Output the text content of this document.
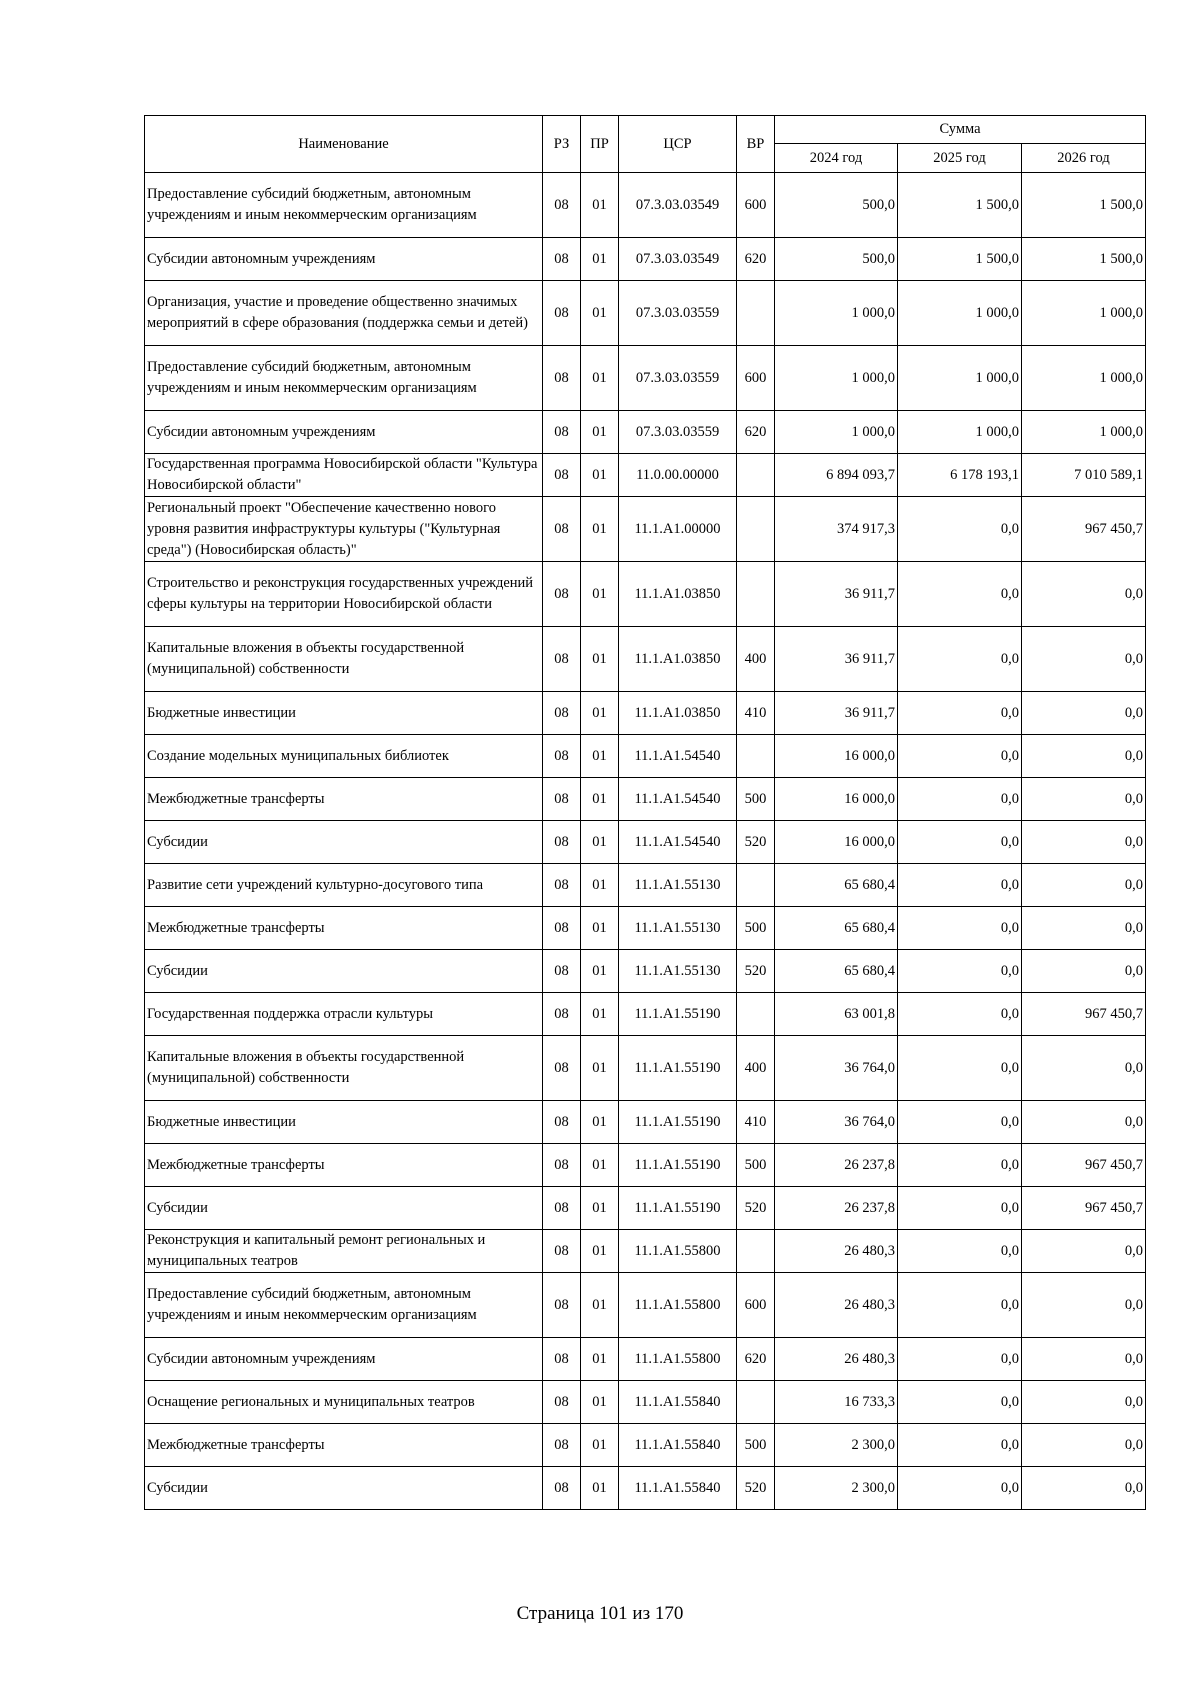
Наименование	РЗ	ПР	ЦСР	ВР	Сумма		
					2024 год	2025 год	2026 год
Предоставление субсидий бюджетным, автономным учреждениям и иным некоммерческим организациям	08	01	07.3.03.03549	600	500,0	1 500,0	1 500,0
Субсидии автономным учреждениям	08	01	07.3.03.03549	620	500,0	1 500,0	1 500,0
Организация, участие и проведение общественно значимых мероприятий в сфере образования (поддержка семьи и детей)	08	01	07.3.03.03559		1 000,0	1 000,0	1 000,0
Предоставление субсидий бюджетным, автономным учреждениям и иным некоммерческим организациям	08	01	07.3.03.03559	600	1 000,0	1 000,0	1 000,0
Субсидии автономным учреждениям	08	01	07.3.03.03559	620	1 000,0	1 000,0	1 000,0
Государственная программа Новосибирской области "Культура Новосибирской области"	08	01	11.0.00.00000		6 894 093,7	6 178 193,1	7 010 589,1
Региональный проект "Обеспечение качественно нового уровня развития инфраструктуры культуры ("Культурная среда") (Новосибирская область)"	08	01	11.1.А1.00000		374 917,3	0,0	967 450,7
Строительство и реконструкция государственных учреждений сферы культуры на территории Новосибирской области	08	01	11.1.А1.03850		36 911,7	0,0	0,0
Капитальные вложения в объекты государственной (муниципальной) собственности	08	01	11.1.А1.03850	400	36 911,7	0,0	0,0
Бюджетные инвестиции	08	01	11.1.А1.03850	410	36 911,7	0,0	0,0
Создание модельных муниципальных библиотек	08	01	11.1.А1.54540		16 000,0	0,0	0,0
Межбюджетные трансферты	08	01	11.1.А1.54540	500	16 000,0	0,0	0,0
Субсидии	08	01	11.1.А1.54540	520	16 000,0	0,0	0,0
Развитие сети учреждений культурно-досугового типа	08	01	11.1.А1.55130		65 680,4	0,0	0,0
Межбюджетные трансферты	08	01	11.1.А1.55130	500	65 680,4	0,0	0,0
Субсидии	08	01	11.1.А1.55130	520	65 680,4	0,0	0,0
Государственная поддержка отрасли культуры	08	01	11.1.А1.55190		63 001,8	0,0	967 450,7
Капитальные вложения в объекты государственной (муниципальной) собственности	08	01	11.1.А1.55190	400	36 764,0	0,0	0,0
Бюджетные инвестиции	08	01	11.1.А1.55190	410	36 764,0	0,0	0,0
Межбюджетные трансферты	08	01	11.1.А1.55190	500	26 237,8	0,0	967 450,7
Субсидии	08	01	11.1.А1.55190	520	26 237,8	0,0	967 450,7
Реконструкция и капитальный ремонт региональных и муниципальных театров	08	01	11.1.А1.55800		26 480,3	0,0	0,0
Предоставление субсидий бюджетным, автономным учреждениям и иным некоммерческим организациям	08	01	11.1.А1.55800	600	26 480,3	0,0	0,0
Субсидии автономным учреждениям	08	01	11.1.А1.55800	620	26 480,3	0,0	0,0
Оснащение региональных и муниципальных театров	08	01	11.1.А1.55840		16 733,3	0,0	0,0
Межбюджетные трансферты	08	01	11.1.А1.55840	500	2 300,0	0,0	0,0
Субсидии	08	01	11.1.А1.55840	520	2 300,0	0,0	0,0
Страница 101 из 170
